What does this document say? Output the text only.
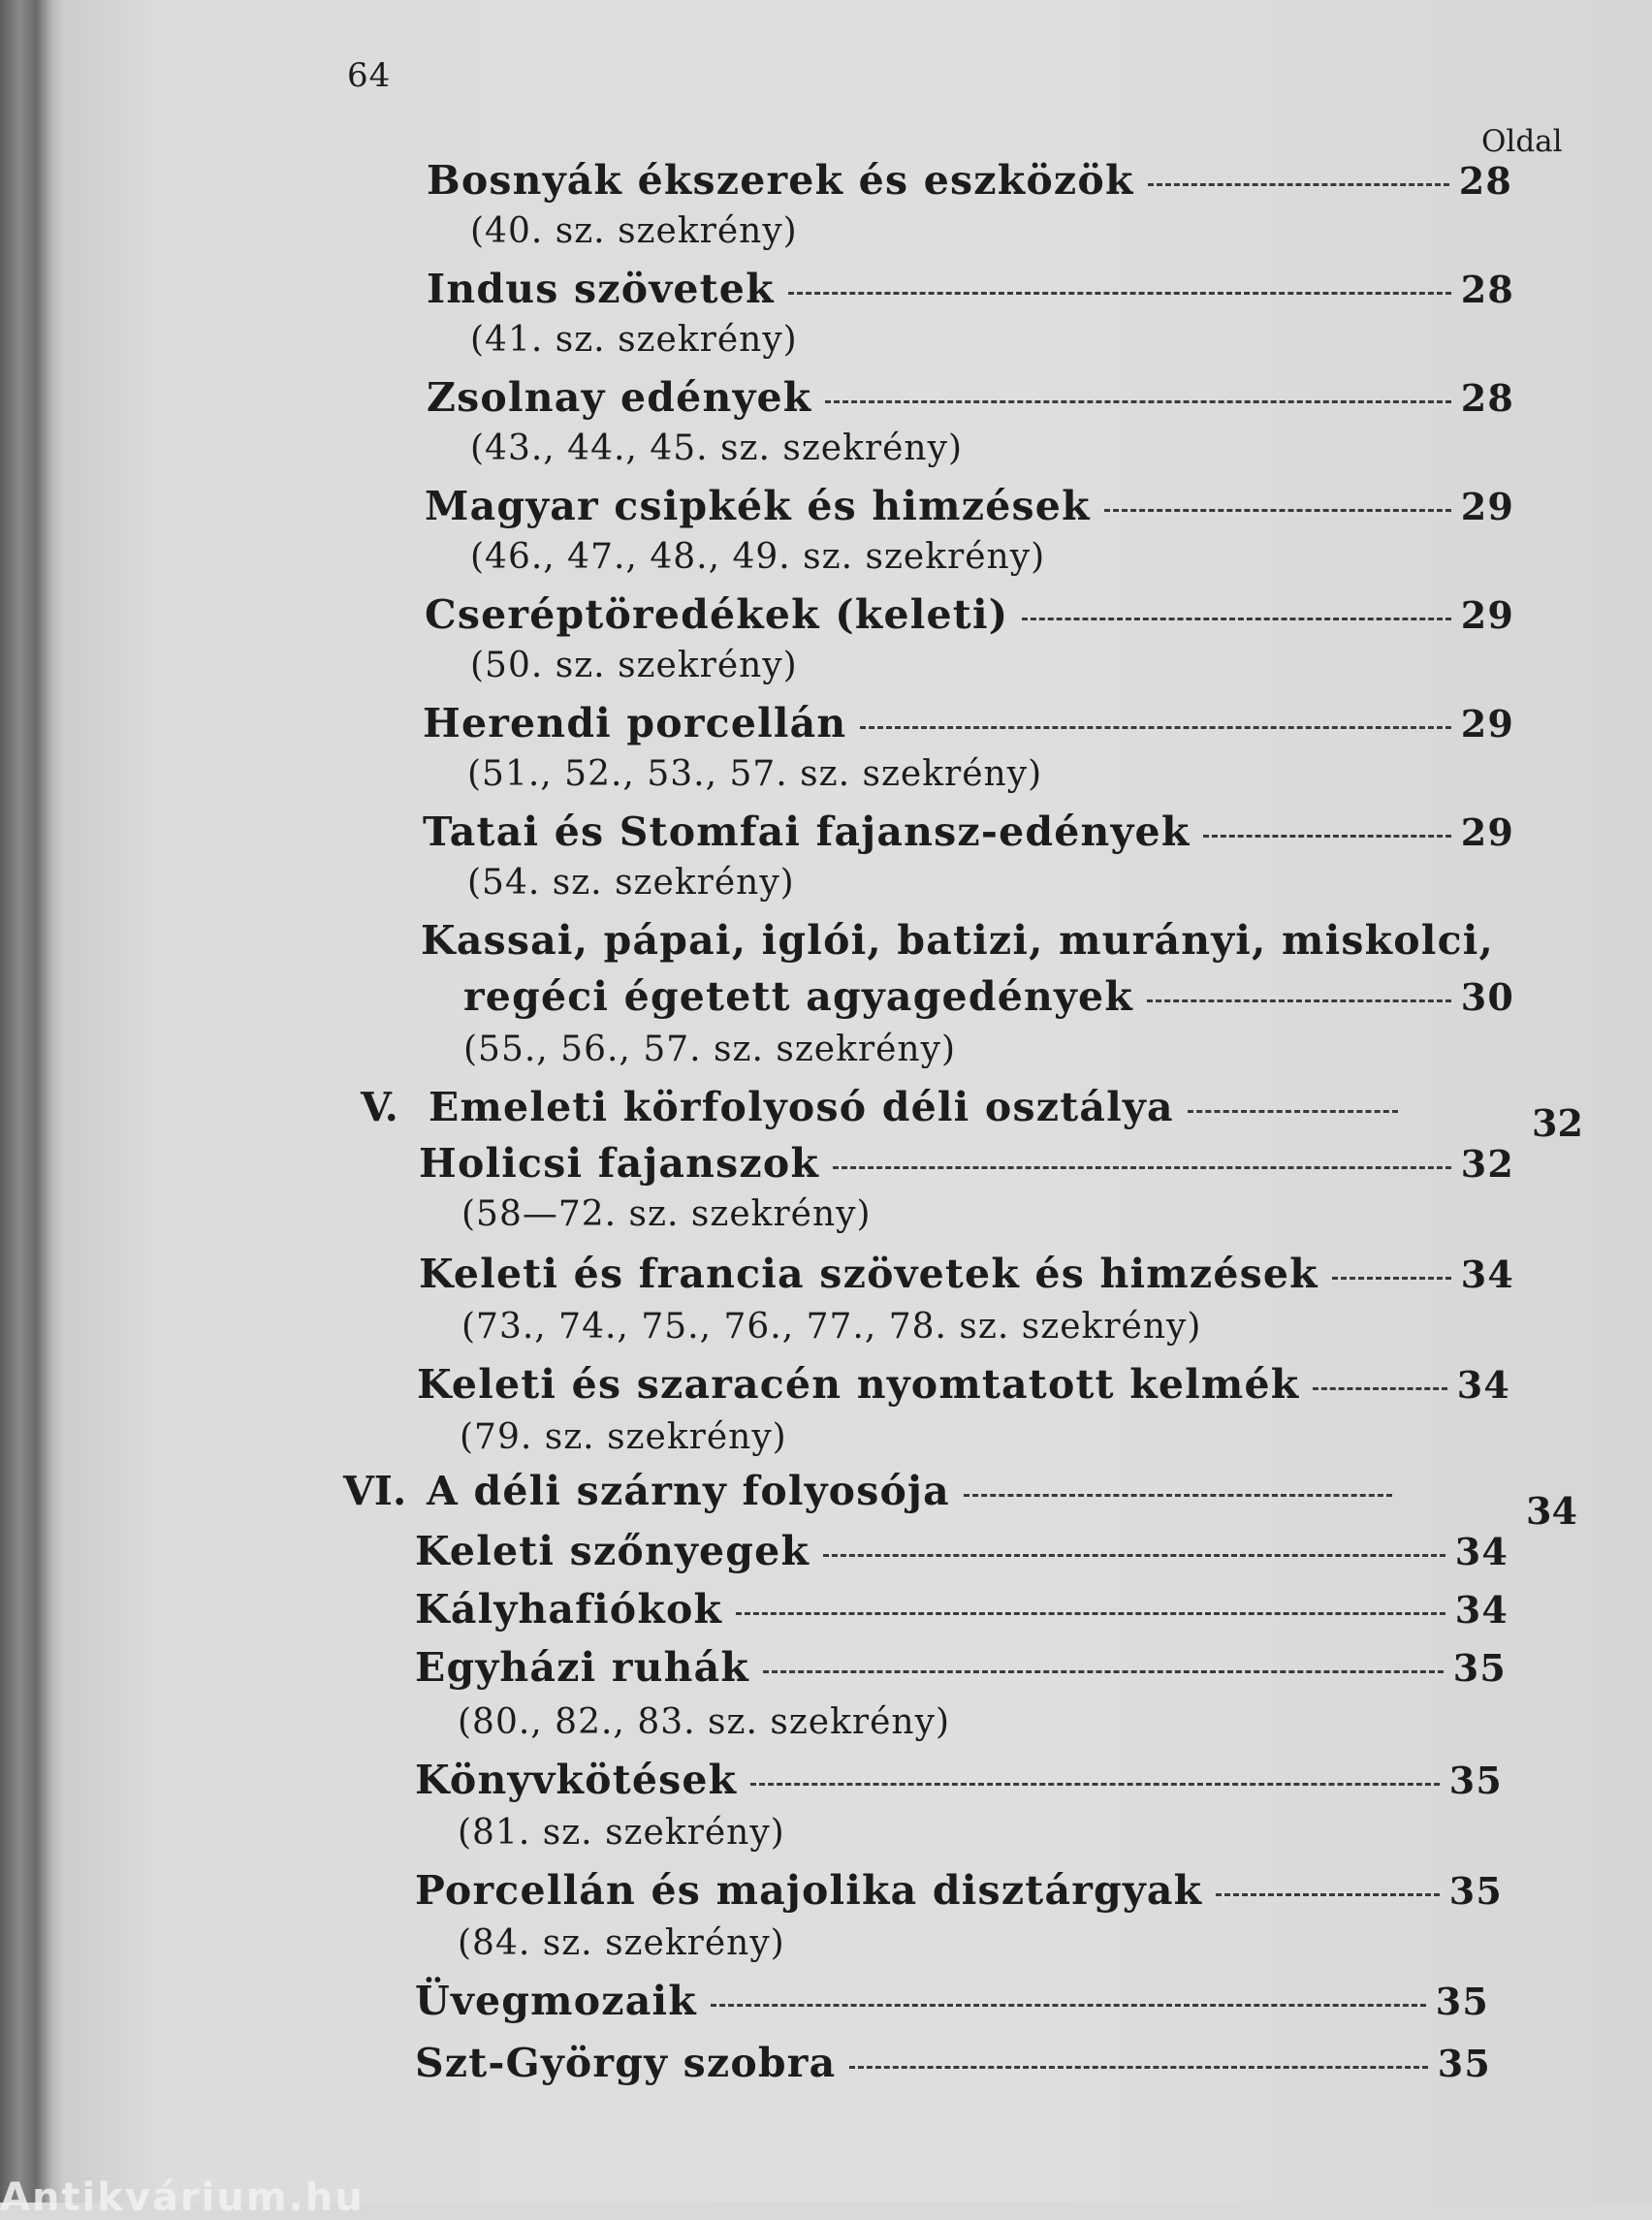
64
Oldal
Bosnyák ékszerek és eszközök	28
(40. sz. szekrény)
Indus szövetek	28
(41. sz. szekrény)
Zsolnay edények	28
(43., 44., 45. sz. szekrény)
Magyar csipkék és himzések	29
(46., 47., 48., 49. sz. szekrény)
Cseréptöredékek (keleti)	29
(50. sz. szekrény)
Herendi porcellán	29
(51., 52., 53., 57. sz. szekrény)
Tatai és Stomfai fajansz-edények	29
(54. sz. szekrény)
Kassai, pápai, iglói, batizi, murányi, miskolci,
regéci égetett agyagedények	30
(55., 56., 57. sz. szekrény)
V. Emeleti körfolyosó déli osztálya	32
Holicsi fajanszok	32
(58—72. sz. szekrény)
Keleti és francia szövetek és himzések	34
(73., 74., 75., 76., 77., 78. sz. szekrény)
Keleti és szaracén nyomtatott kelmék	34
(79. sz. szekrény)
VI. A déli szárny folyosója	34
Keleti szőnyegek	34
Kályhafiókok	34
Egyházi ruhák	35
(80., 82., 83. sz. szekrény)
Könyvkötések	35
(81. sz. szekrény)
Porcellán és majolika disztárgyak	35
(84. sz. szekrény)
Üvegmozaik	35
Szt-György szobra	35
Antikvárium.hu
